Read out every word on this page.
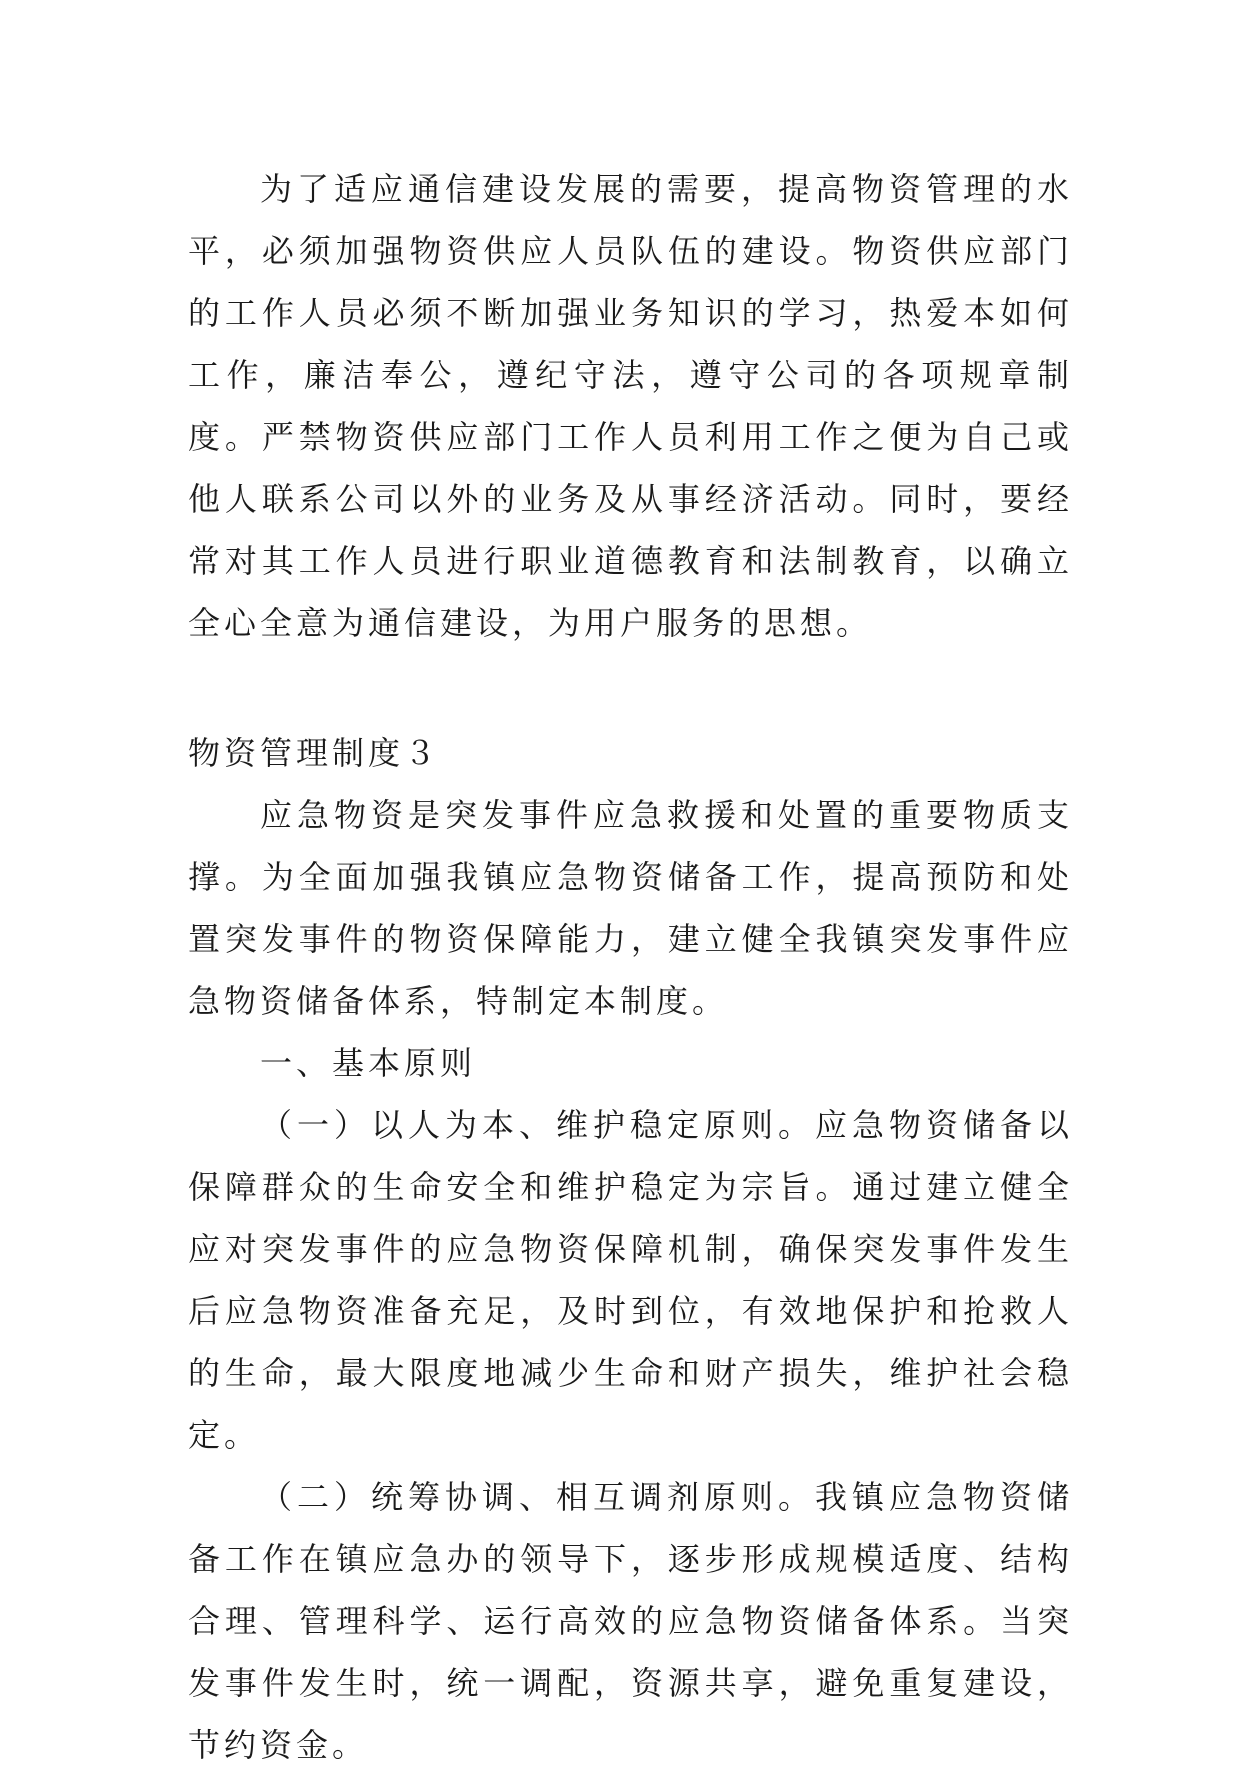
为了适应通信建设发展的需要，提高物资管理的水平，必须加强物资供应人员队伍的建设。物资供应部门的工作人员必须不断加强业务知识的学习，热爱本如何工作，廉洁奉公，遵纪守法，遵守公司的各项规章制度。严禁物资供应部门工作人员利用工作之便为自己或他人联系公司以外的业务及从事经济活动。同时，要经常对其工作人员进行职业道德教育和法制教育，以确立全心全意为通信建设，为用户服务的思想。

物资管理制度３

应急物资是突发事件应急救援和处置的重要物质支撑。为全面加强我镇应急物资储备工作，提高预防和处置突发事件的物资保障能力，建立健全我镇突发事件应急物资储备体系，特制定本制度。

一、基本原则

（一）以人为本、维护稳定原则。应急物资储备以保障群众的生命安全和维护稳定为宗旨。通过建立健全应对突发事件的应急物资保障机制，确保突发事件发生后应急物资准备充足，及时到位，有效地保护和抢救人的生命，最大限度地减少生命和财产损失，维护社会稳定。

（二）统筹协调、相互调剂原则。我镇应急物资储备工作在镇应急办的领导下，逐步形成规模适度、结构合理、管理科学、运行高效的应急物资储备体系。当突发事件发生时，统一调配，资源共享，避免重复建设，节约资金。
